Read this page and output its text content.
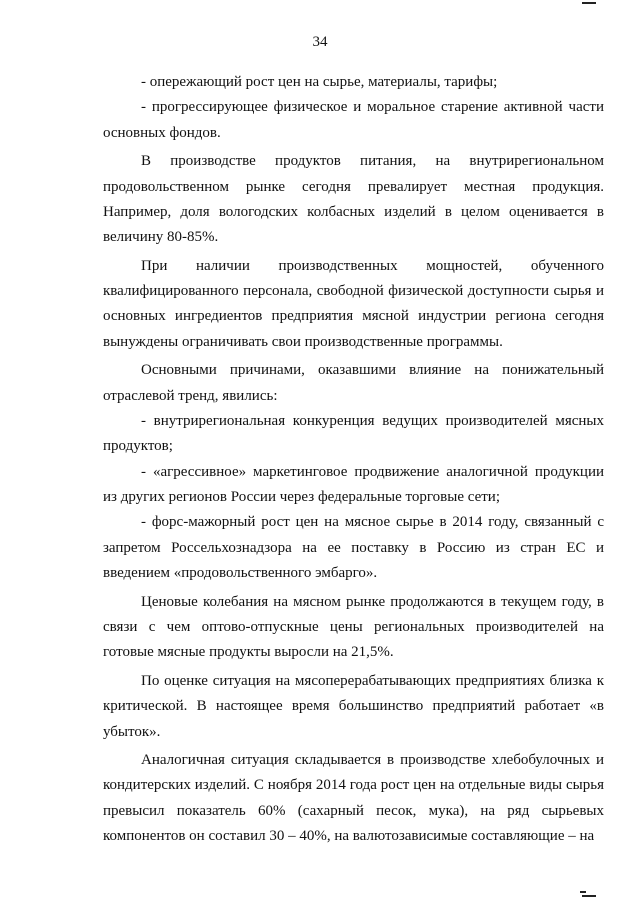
34

- опережающий рост цен на сырье, материалы, тарифы;

- прогрессирующее физическое и моральное старение активной части основных фондов.

В производстве продуктов питания, на внутрирегиональном продовольственном рынке сегодня превалирует местная продукция. Например, доля вологодских колбасных изделий в целом оценивается в величину 80-85%.

При наличии производственных мощностей, обученного квалифицированного персонала, свободной физической доступности сырья и основных ингредиентов предприятия мясной индустрии региона сегодня вынуждены ограничивать свои производственные программы.

Основными причинами, оказавшими влияние на понижательный отраслевой тренд, явились:

- внутрирегиональная конкуренция ведущих производителей мясных продуктов;

- «агрессивное» маркетинговое продвижение аналогичной продукции из других регионов России через федеральные торговые сети;

- форс-мажорный рост цен на мясное сырье в 2014 году, связанный с запретом Россельхознадзора на ее поставку в Россию из стран ЕС и введением «продовольственного эмбарго».

Ценовые колебания на мясном рынке продолжаются в текущем году, в связи с чем оптово-отпускные цены региональных производителей на готовые мясные продукты выросли на 21,5%.

По оценке ситуация на мясоперерабатывающих предприятиях близка к критической. В настоящее время большинство предприятий работает «в убыток».

Аналогичная ситуация складывается в производстве хлебобулочных и кондитерских изделий. С ноября 2014 года рост цен на отдельные виды сырья превысил показатель 60% (сахарный песок, мука), на ряд сырьевых компонентов он составил 30 – 40%, на валютозависимые составляющие – на
